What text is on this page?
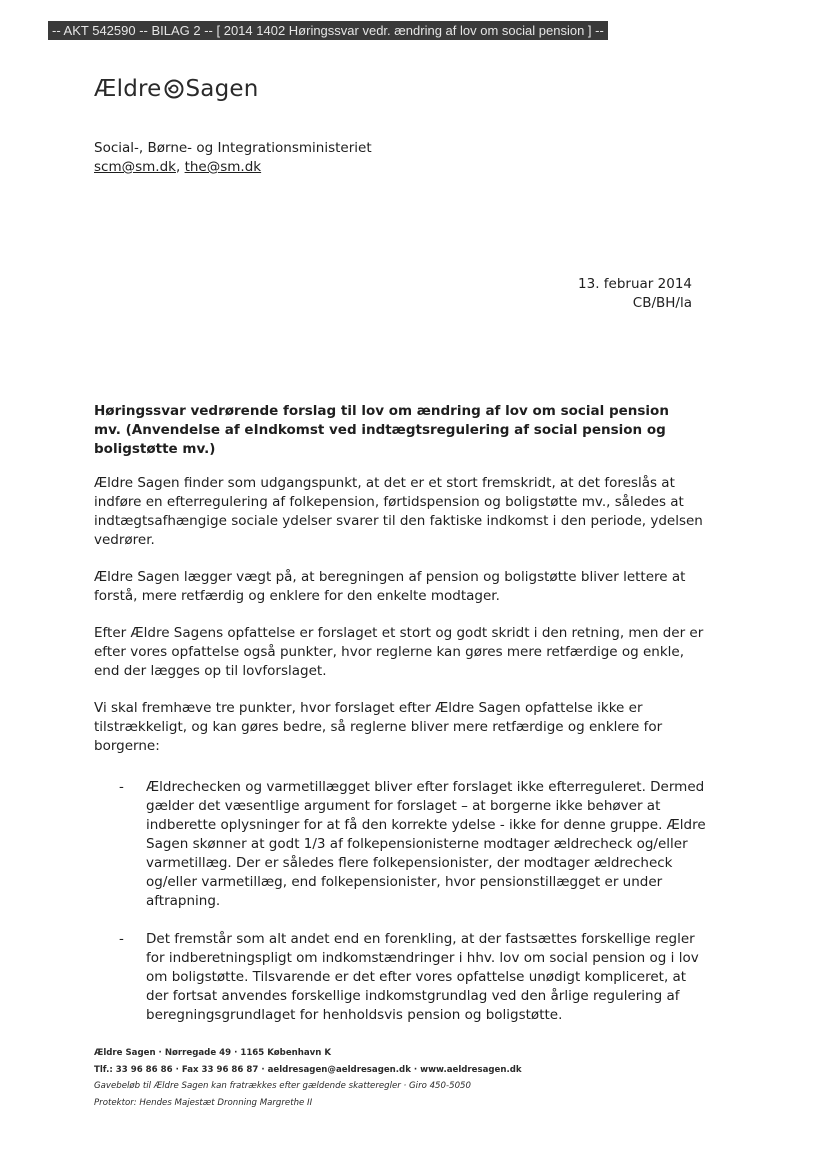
-- AKT 542590 -- BILAG 2 -- [ 2014 1402 Høringssvar vedr. ændring af lov om social pension ] --
Ældre Sagen
Social-, Børne- og Integrationsministeriet
scm@sm.dk, the@sm.dk
13. februar 2014
CB/BH/la
Høringssvar vedrørende forslag til lov om ændring af lov om social pension mv. (Anvendelse af eIndkomst ved indtægtsregulering af social pension og boligstøtte mv.)

Ældre Sagen finder som udgangspunkt, at det er et stort fremskridt, at det foreslås at indføre en efterregulering af folkepension, førtidspension og boligstøtte mv., således at indtægtsafhængige sociale ydelser svarer til den faktiske indkomst i den periode, ydelsen vedrører.

Ældre Sagen lægger vægt på, at beregningen af pension og boligstøtte bliver lettere at forstå, mere retfærdig og enklere for den enkelte modtager.

Efter Ældre Sagens opfattelse er forslaget et stort og godt skridt i den retning, men der er efter vores opfattelse også punkter, hvor reglerne kan gøres mere retfærdige og enkle, end der lægges op til lovforslaget.

Vi skal fremhæve tre punkter, hvor forslaget efter Ældre Sagen opfattelse ikke er tilstrækkeligt, og kan gøres bedre, så reglerne bliver mere retfærdige og enklere for borgerne:

- Ældrechecken og varmetillægget bliver efter forslaget ikke efterreguleret. Dermed gælder det væsentlige argument for forslaget – at borgerne ikke behøver at indberette oplysninger for at få den korrekte ydelse - ikke for denne gruppe. Ældre Sagen skønner at godt 1/3 af folkepensionisterne modtager ældrecheck og/eller varmetillæg. Der er således flere folkepensionister, der modtager ældrecheck og/eller varmetillæg, end folkepensionister, hvor pensionstillægget er under aftrapning.
- Det fremstår som alt andet end en forenkling, at der fastsættes forskellige regler for indberetningspligt om indkomstændringer i hhv. lov om social pension og i lov om boligstøtte. Tilsvarende er det efter vores opfattelse unødigt kompliceret, at der fortsat anvendes forskellige indkomstgrundlag ved den årlige regulering af beregningsgrundlaget for henholdsvis pension og boligstøtte.
Ældre Sagen · Nørregade 49 · 1165 København K
Tlf.: 33 96 86 86 · Fax 33 96 86 87 · aeldresagen@aeldresagen.dk · www.aeldresagen.dk
Gavebeløb til Ældre Sagen kan fratrækkes efter gældende skatteregler · Giro 450-5050
Protektor: Hendes Majestæt Dronning Margrethe II
